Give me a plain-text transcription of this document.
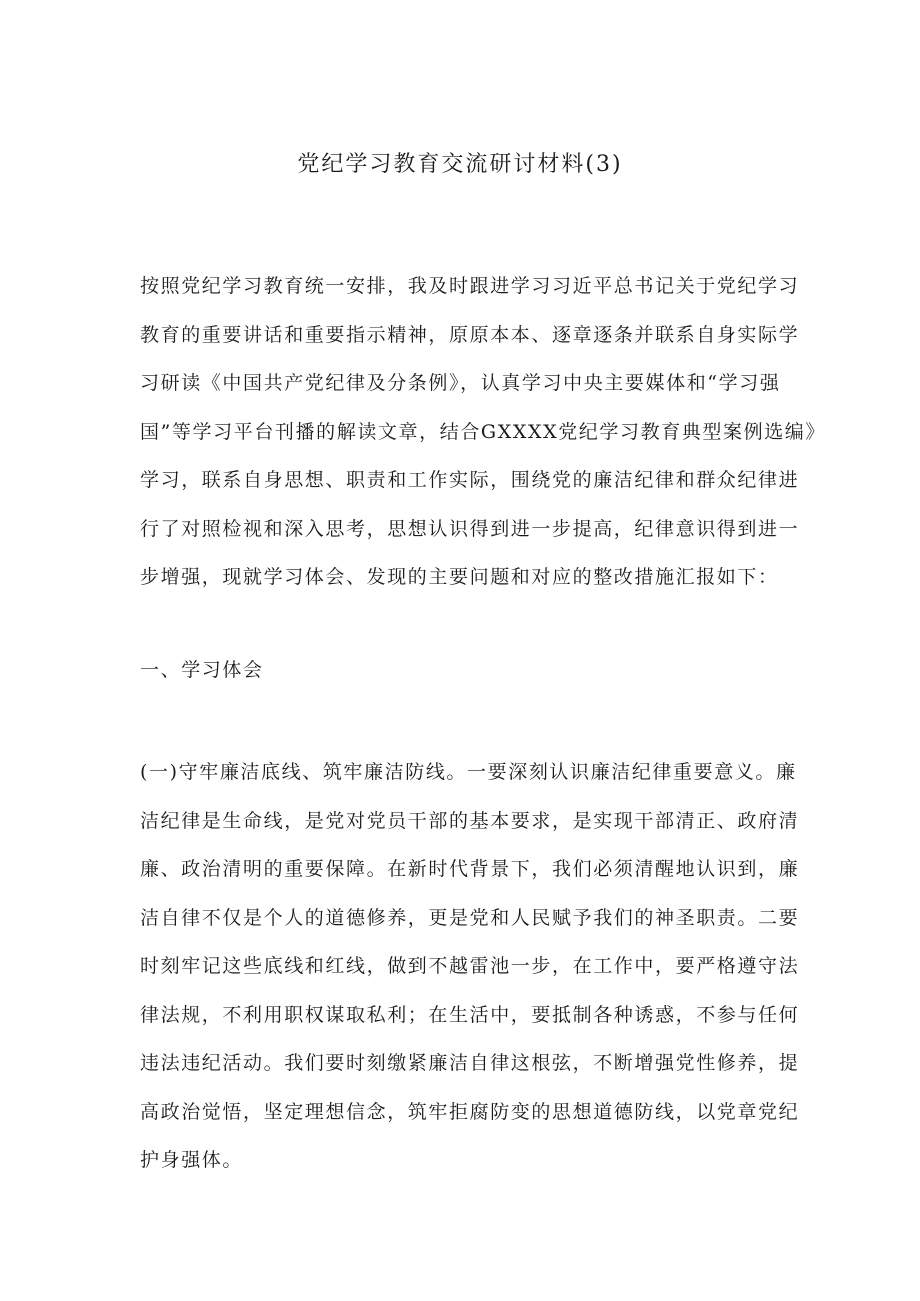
党纪学习教育交流研讨材料(3)
按照党纪学习教育统一安排，我及时跟进学习习近平总书记关于党纪学习
教育的重要讲话和重要指示精神，原原本本、逐章逐条并联系自身实际学
习研读《中国共产党纪律及分条例》，认真学习中央主要媒体和“学习强
国”等学习平台刊播的解读文章，结合GXXXX党纪学习教育典型案例选编》
学习，联系自身思想、职责和工作实际，围绕党的廉洁纪律和群众纪律进
行了对照检视和深入思考，思想认识得到进一步提高，纪律意识得到进一
步增强，现就学习体会、发现的主要问题和对应的整改措施汇报如下：
一、学习体会
(一)守牢廉洁底线、筑牢廉洁防线。一要深刻认识廉洁纪律重要意义。廉
洁纪律是生命线，是党对党员干部的基本要求，是实现干部清正、政府清
廉、政治清明的重要保障。在新时代背景下，我们必须清醒地认识到，廉
洁自律不仅是个人的道德修养，更是党和人民赋予我们的神圣职责。二要
时刻牢记这些底线和红线，做到不越雷池一步，在工作中，要严格遵守法
律法规，不利用职权谋取私利；在生活中，要抵制各种诱惑，不参与任何
违法违纪活动。我们要时刻缴紧廉洁自律这根弦，不断增强党性修养，提
高政治觉悟，坚定理想信念，筑牢拒腐防变的思想道德防线，以党章党纪
护身强体。
